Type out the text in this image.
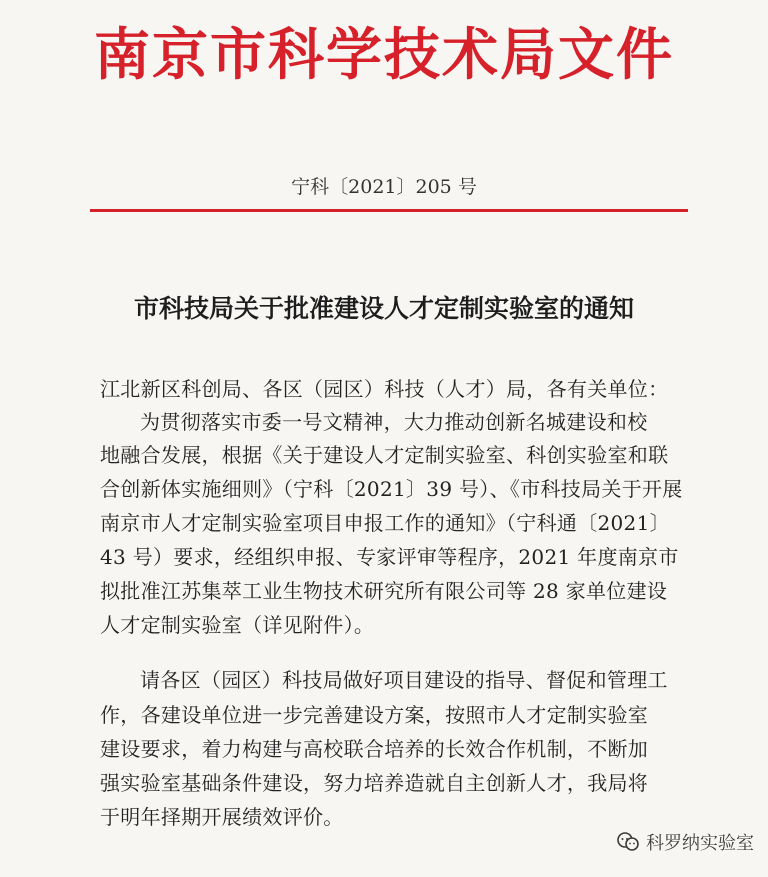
南京市科学技术局文件
宁科〔2021〕205 号
市科技局关于批准建设人才定制实验室的通知
江北新区科创局、各区（园区）科技（人才）局，各有关单位：
为贯彻落实市委一号文精神，大力推动创新名城建设和校
地融合发展，根据《关于建设人才定制实验室、科创实验室和联
合创新体实施细则》（宁科〔2021〕39 号）、《市科技局关于开展
南京市人才定制实验室项目申报工作的通知》（宁科通〔2021〕
43 号）要求，经组织申报、专家评审等程序，2021 年度南京市
拟批准江苏集萃工业生物技术研究所有限公司等 28 家单位建设
人才定制实验室（详见附件）。
请各区（园区）科技局做好项目建设的指导、督促和管理工
作，各建设单位进一步完善建设方案，按照市人才定制实验室
建设要求，着力构建与高校联合培养的长效合作机制，不断加
强实验室基础条件建设，努力培养造就自主创新人才，我局将
于明年择期开展绩效评价。
科罗纳实验室
